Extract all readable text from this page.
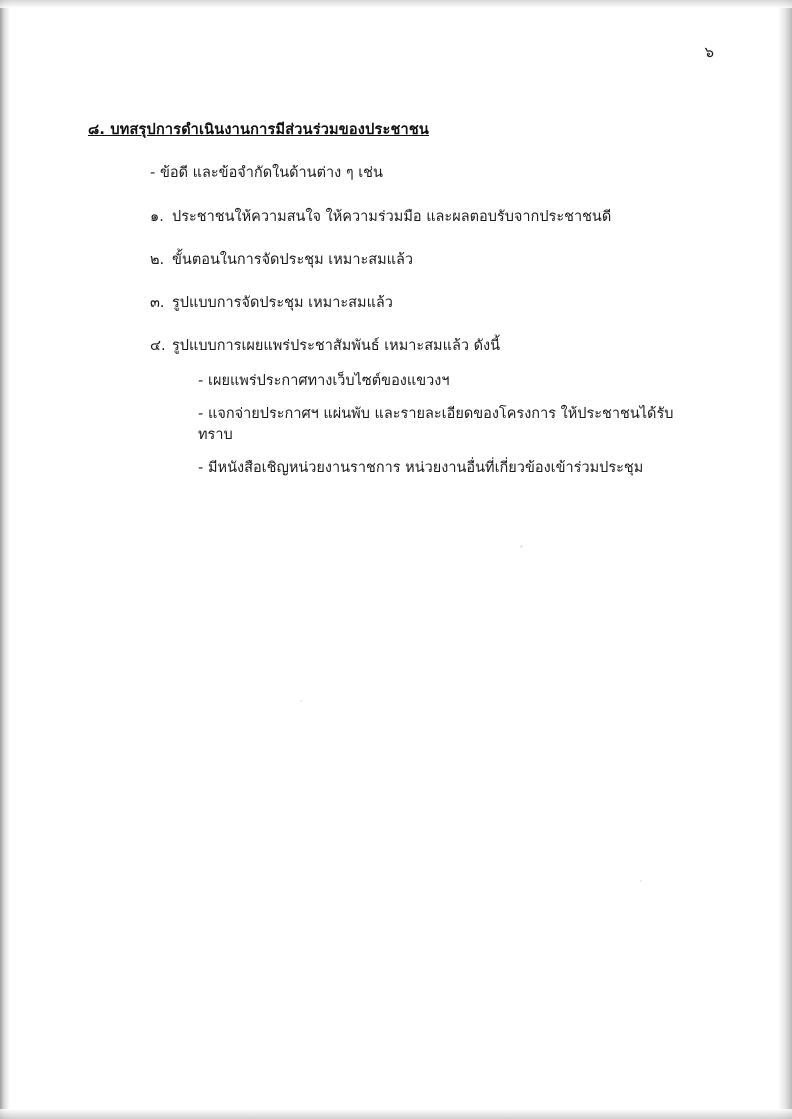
๖
๘. บทสรุปการดำเนินงานการมีส่วนร่วมของประชาชน
- ข้อดี และข้อจำกัดในด้านต่าง ๆ เช่น
๑. ประชาชนให้ความสนใจ ให้ความร่วมมือ และผลตอบรับจากประชาชนดี
๒. ขั้นตอนในการจัดประชุม เหมาะสมแล้ว
๓. รูปแบบการจัดประชุม เหมาะสมแล้ว
๔. รูปแบบการเผยแพร่ประชาสัมพันธ์ เหมาะสมแล้ว ดังนี้
- เผยแพร่ประกาศทางเว็บไซต์ของแขวงฯ
- แจกจ่ายประกาศฯ แผ่นพับ และรายละเอียดของโครงการ ให้ประชาชนได้รับทราบ
- มีหนังสือเชิญหน่วยงานราชการ หน่วยงานอื่นที่เกี่ยวข้องเข้าร่วมประชุม
